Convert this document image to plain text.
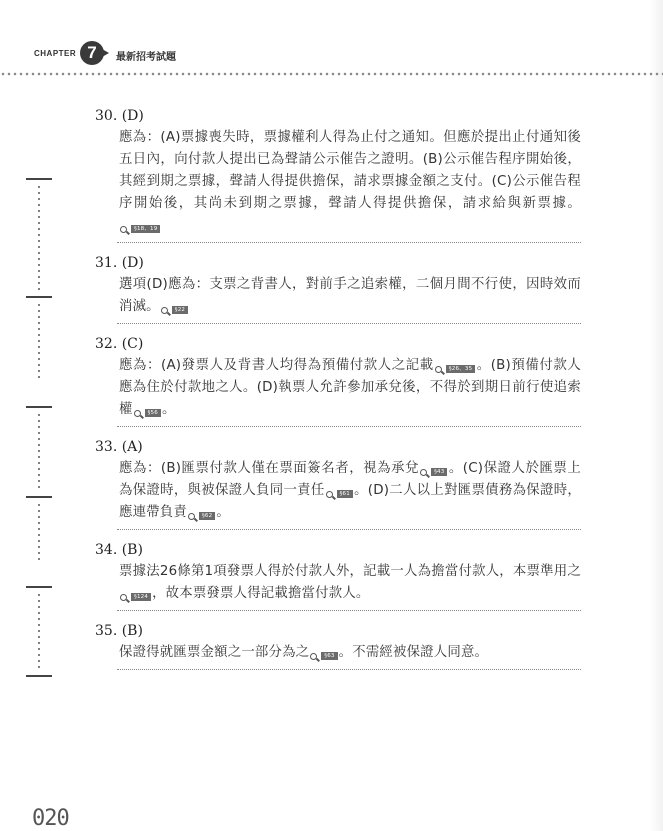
CHAPTER 7	最新招考試題
30. (D)
應為：(A)票據喪失時，票據權利人得為止付之通知。但應於提出止付通知後五日內，向付款人提出已為聲請公示催告之證明。(B)公示催告程序開始後，其經到期之票據，聲請人得提供擔保，請求票據金額之支付。(C)公示催告程序開始後，其尚未到期之票據，聲請人得提供擔保，請求給與新票據。§18、19
31. (D)
選項(D)應為：支票之背書人，對前手之追索權，二個月間不行使，因時效而消滅。	§22
32. (C)
應為：(A)發票人及背書人均得為預備付款人之記載	§26、35 。(B)預備付款人應為住於付款地之人。(D)執票人允許參加承兌後，不得於到期日前行使追索權	§56 。
33. (A)
應為：(B)匯票付款人僅在票面簽名者，視為承兌	§43 。(C)保證人於匯票上為保證時，與被保證人負同一責任	§61 。(D)二人以上對匯票債務為保證時，應連帶負責	§62 。
34. (B)
票據法26條第1項發票人得於付款人外，記載一人為擔當付款人，本票準用之§124 ，故本票發票人得記載擔當付款人。
35. (B)
保證得就匯票金額之一部分為之	§63 。不需經被保證人同意。
020
